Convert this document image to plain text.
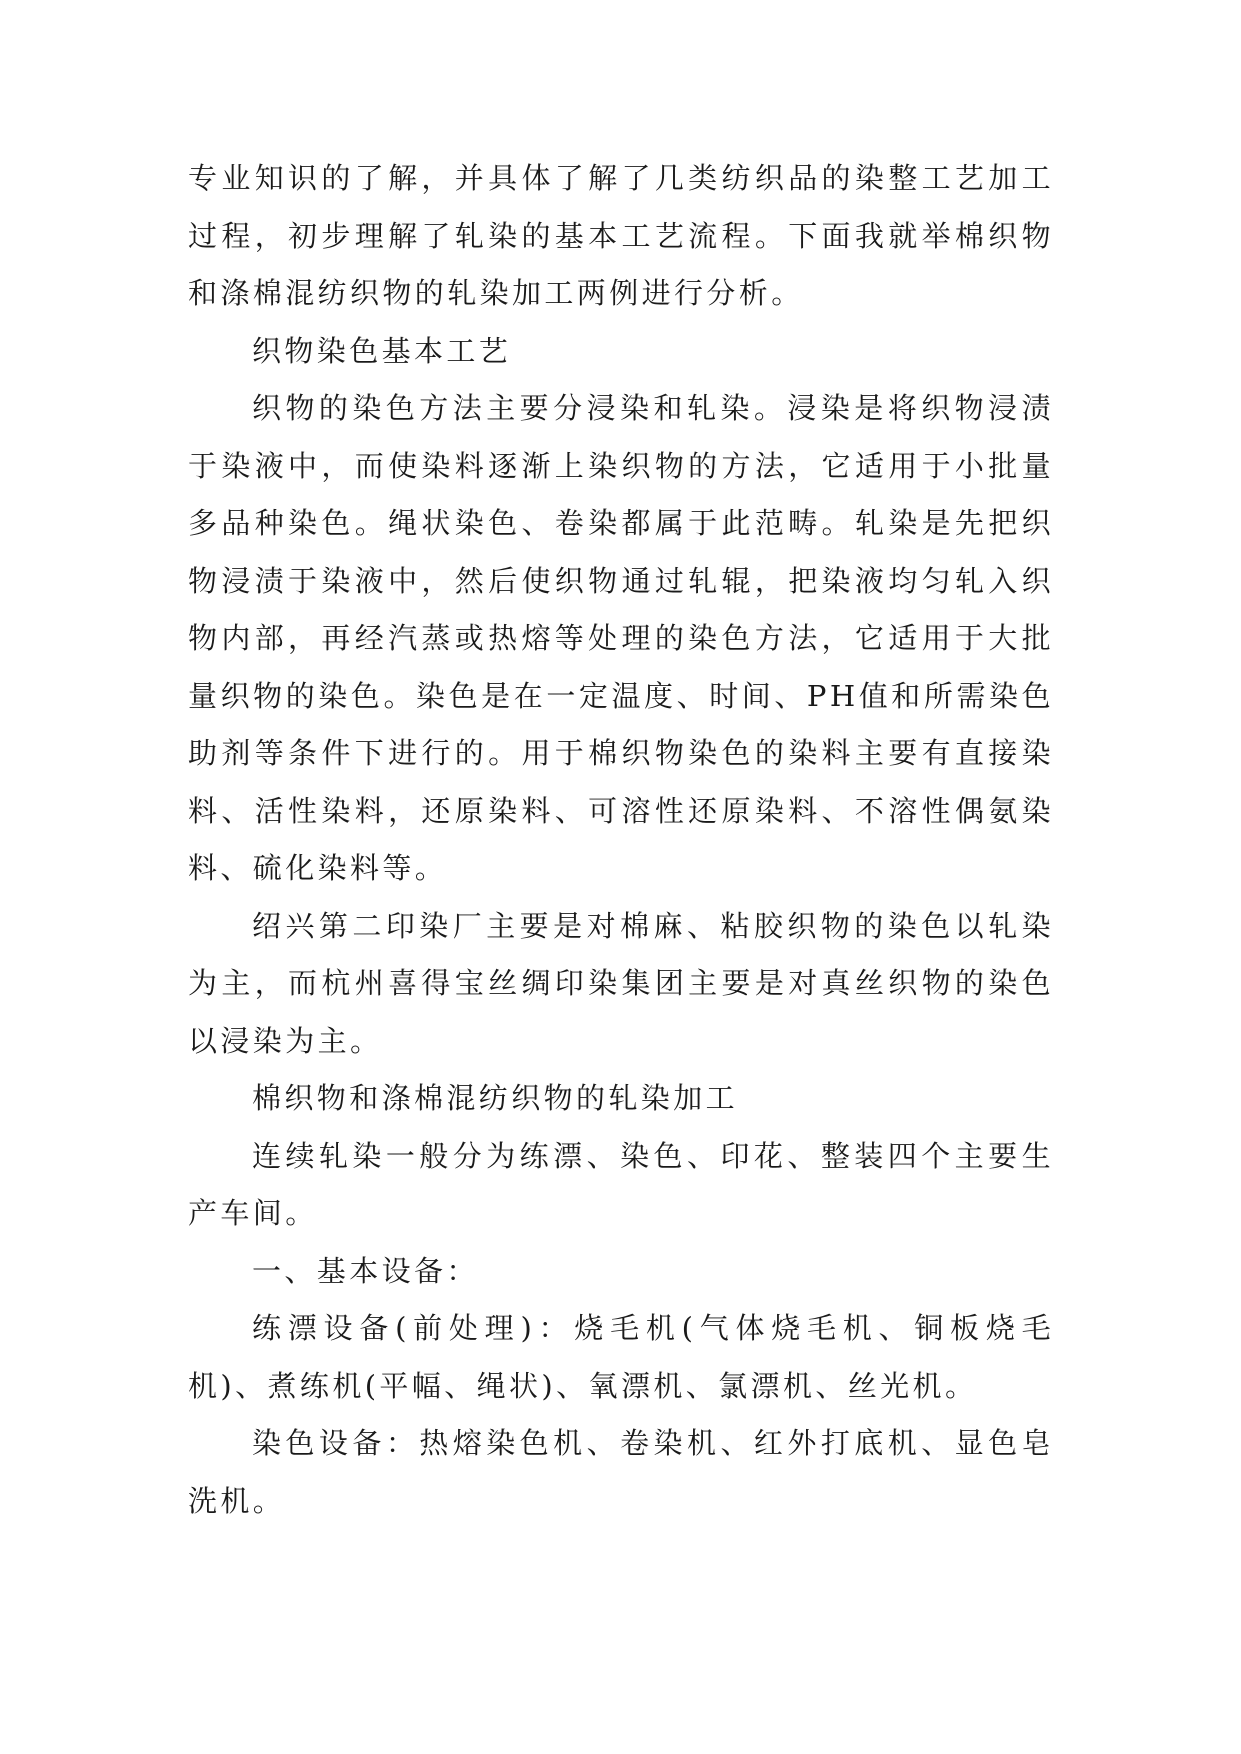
专业知识的了解，并具体了解了几类纺织品的染整工艺加工过程，初步理解了轧染的基本工艺流程。下面我就举棉织物和涤棉混纺织物的轧染加工两例进行分析。

织物染色基本工艺

织物的染色方法主要分浸染和轧染。浸染是将织物浸渍于染液中，而使染料逐渐上染织物的方法，它适用于小批量多品种染色。绳状染色、卷染都属于此范畴。轧染是先把织物浸渍于染液中，然后使织物通过轧辊，把染液均匀轧入织物内部，再经汽蒸或热熔等处理的染色方法，它适用于大批量织物的染色。染色是在一定温度、时间、PH值和所需染色助剂等条件下进行的。用于棉织物染色的染料主要有直接染料、活性染料，还原染料、可溶性还原染料、不溶性偶氨染料、硫化染料等。

绍兴第二印染厂主要是对棉麻、粘胶织物的染色以轧染为主，而杭州喜得宝丝绸印染集团主要是对真丝织物的染色以浸染为主。

棉织物和涤棉混纺织物的轧染加工

连续轧染一般分为练漂、染色、印花、整装四个主要生产车间。

一、基本设备：

练漂设备(前处理)：烧毛机(气体烧毛机、铜板烧毛机)、煮练机(平幅、绳状)、氧漂机、氯漂机、丝光机。

染色设备：热熔染色机、卷染机、红外打底机、显色皂洗机。
